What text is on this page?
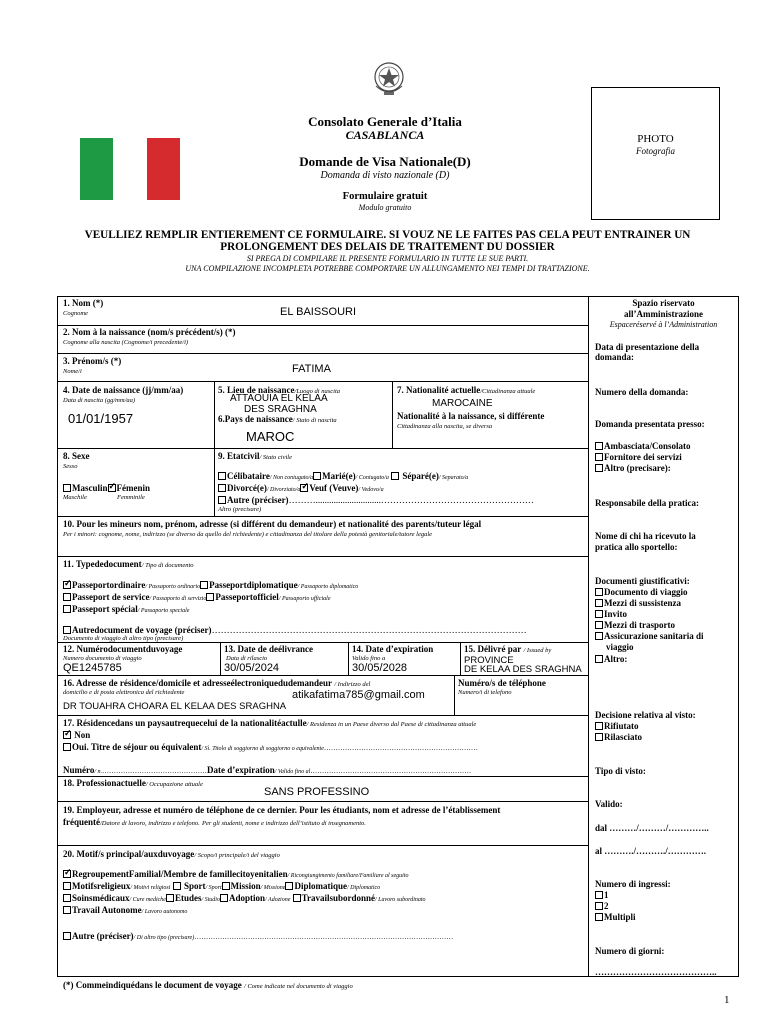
Consolato Generale d’Italia
CASABLANCA
Domande de Visa Nationale(D)
Domanda di visto nazionale (D)
Formulaire gratuit
Modulo gratuito
PHOTO
Fotografia
VEULLIEZ REMPLIR ENTIEREMENT CE FORMULAIRE. SI VOUZ NE LE FAITES PAS CELA PEUT ENTRAINER UN
PROLONGEMENT DES DELAIS DE TRAITEMENT DU DOSSIER
SI PREGA DI COMPILARE IL PRESENTE FORMULARIO IN TUTTE LE SUE PARTI.
UNA COMPILAZIONE INCOMPLETA POTREBBE COMPORTARE UN ALLUNGAMENTO NEI TEMPI DI TRATTAZIONE.
1. Nom (*)
Cognome	EL BAISSOURI
2. Nom à la naissance (nom/s précédent/s) (*)
Cognome alla nascita (Cognome/i precedente/i)
3. Prénom/s (*)
Nome/i	FATIMA
4. Date de naissance (jj/mm/aa)
Data di nascita (gg/mm/aa)
01/01/1957
5. Lieu de naissance/Luogo di nascita
ATTAOUIA EL KELAA
DES SRAGHNA
6.Pays de naissance/ Stato di nascita
MAROC
7. Nationalité actuelle/Cittadinanza attuale
MAROCAINE
Nationalité à la naissance, si différente
Cittadinanza alla nascita, se diversa
8. Sexe
Sesso
Masculin ✓ Fémenin
Maschile	Femminile
9. Etatcivil/ Stato civile
Célibataire/ Non coniugato/a Marié(e)/ Coniugato/a Séparé(e)/ Separato/a
Divorcé(e)/ Divorziato/a ✓ Veuf (Veuve)/ Vedovo/a
Autre (préciser)……….............................……………………………………………
Altro (precisare)
10. Pour les mineurs nom, prénom, adresse (si différent du demandeur) et nationalité des parents/tuteur légal
Per i minori: cognome, nome, indirizzo (se diverso da quello del richiedente) e cittadinanza del titolare della potestà genitoriale/tutore legale
11. Typededocument/ Tipo di documento
✓Passeportordinaire/ Passaporto ordinario Passeportdiplomatique/ Passaporto diplomatico
Passeport de service/ Passaporto di servizio Passeportofficiel/ Passaporto ufficiale
Passeport spécial/ Passaporto speciale
Autredocument de voyage (préciser)……………………………………………………………………………………………
Documento di viaggio di altro tipo (precisare)
12. Numérodocumentduvoyage
Numero documento di viaggio
QE1245785
13. Date de deélivrance
Data di rilascio
30/05/2024
14. Date d’expiration
Valido fino a
30/05/2028
15. Délivré par / Issued by
PROVINCE
DE KELAA DES SRAGHNA
16. Adresse de résidence/domicile et adresseélectroniquedudemandeur / Indirizzo del
domicilio e di posta elettronica del richiedente	atikafatima785@gmail.com
DR TOUAHRA CHOARA EL KELAA DES SRAGHNA
Numéro/s de téléphone
Numero/i di telefono
17. Résidencedans un paysautrequecelui de la nationalitéactulle/ Residenza in un Paese diverso dal Paese di cittadinanza attuale
✓ Non
Oui. Titre de séjour ou équivalent/ Sì. Titolo di soggiorno di soggiorno o equivalente…………………………………………………………
Numéro/ n.………………………………………Date d’expiration/ Valido fino al……………………………………………………………
18. Professionactuelle/ Occupazione attuale
SANS PROFESSINO
19. Employeur, adresse et numéro de téléphone de ce dernier. Pour les étudiants, nom et adresse de l’établissement
fréquenté/Datore di lavoro, indirizzo e telefono. Per gli studenti, nome e indirizzo dell’istituto di insegnamento.
20. Motif/s principal/auxduvoyage/ Scopo/i principale/i del viaggio
✓RegroupementFamilial/Membre de famillecitoyenitalien/ Ricongiungimento familiare/Familiare al seguito
Motifsreligieux/ Motivi religiosi Sport/ Sport Mission/ Missione Diplomatique/ Diplomatico
Soinsmédicaux/ Cure mediche Etudes/ Studio Adoption/ Adozione Travailsubordonné/ Lavoro subordinato
Travail Autonome/ Lavoro autonomo
Autre (préciser)/ Di altro tipo (precisare)…………………………………………………………………………………………………
Spazio riservato
all’Amministrazione
Espaceréservé à l’Administration
Data di presentazione della
domanda:
Numero della domanda:
Domanda presentata presso:
Ambasciata/Consolato
Fornitore dei servizi
Altro (precisare):
Responsabile della pratica:
Nome di chi ha ricevuto la
pratica allo sportello:
Documenti giustificativi:
Documento di viaggio
Mezzi di sussistenza
Invito
Mezzi di trasporto
Assicurazione sanitaria di
viaggio
Altro:
Decisione relativa al visto:
Rifiutato
Rilasciato
Tipo di visto:
Valido:
dal ………/………/…………..
al ………./………./………….
Numero di ingressi:
1
2
Multipli
Numero di giorni:
…………………………………..
(*) Commeindiquédans le document de voyage / Come indicate nel documento di viaggio
1
